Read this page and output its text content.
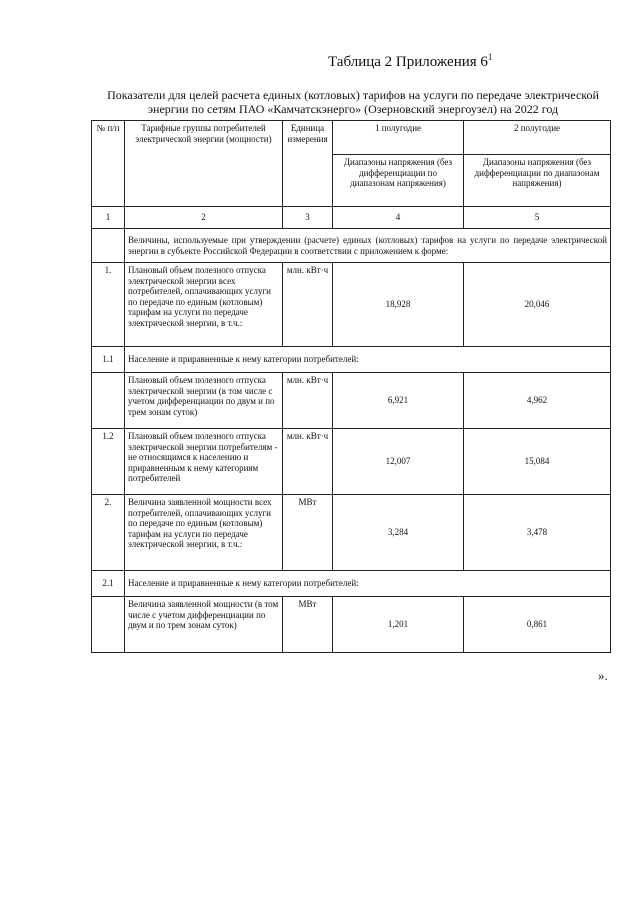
Таблица 2 Приложения $6^1$
Показатели для целей расчета единых (котловых) тарифов на услуги по передаче электрической энергии по сетям ПАО «Камчатскэнерго» (Озерновский энергоузел) на 2022 год
№ п/п	Тарифные группы потребителей электрической энергии (мощности)	Единица измерения	1 полугодие	2 полугодие
			Диапазоны напряжения (без дифференциации по диапазонам напряжения)	Диапазоны напряжения (без дифференциации по диапазонам напряжения)
1	2	3	4	5
	Величины, используемые при утверждении (расчете) единых (котловых) тарифов на услуги по передаче электрической энергии в субъекте Российской Федерации в соответствии с приложением к форме:			
1.	Плановый объем полезного отпуска электрической энергии всех потребителей, оплачивающих услуги по передаче по единым (котловым) тарифам на услуги по передаче электрической энергии, в т.ч.:	млн. кВт·ч	18,928	20,046
1.1	Население и приравненные к нему категории потребителей:			
	Плановый объем полезного отпуска электрической энергии (в том числе с учетом дифференциации по двум и по трем зонам суток)	млн. кВт·ч	6,921	4,962
1.2	Плановый объем полезного отпуска электрической энергии потребителям - не относящимся к населению и приравненным к нему категориям потребителей	млн. кВт·ч	12,007	15,084
2.	Величина заявленной мощности всех потребителей, оплачивающих услуги по передаче по единым (котловым) тарифам на услуги по передаче электрической энергии, в т.ч.:	МВт	3,284	3,478
2.1	Население и приравненные к нему категории потребителей:			
	Величина заявленной мощности (в том числе с учетом дифференциации по двум и по трем зонам суток)	МВт	1,201	0,861
».
